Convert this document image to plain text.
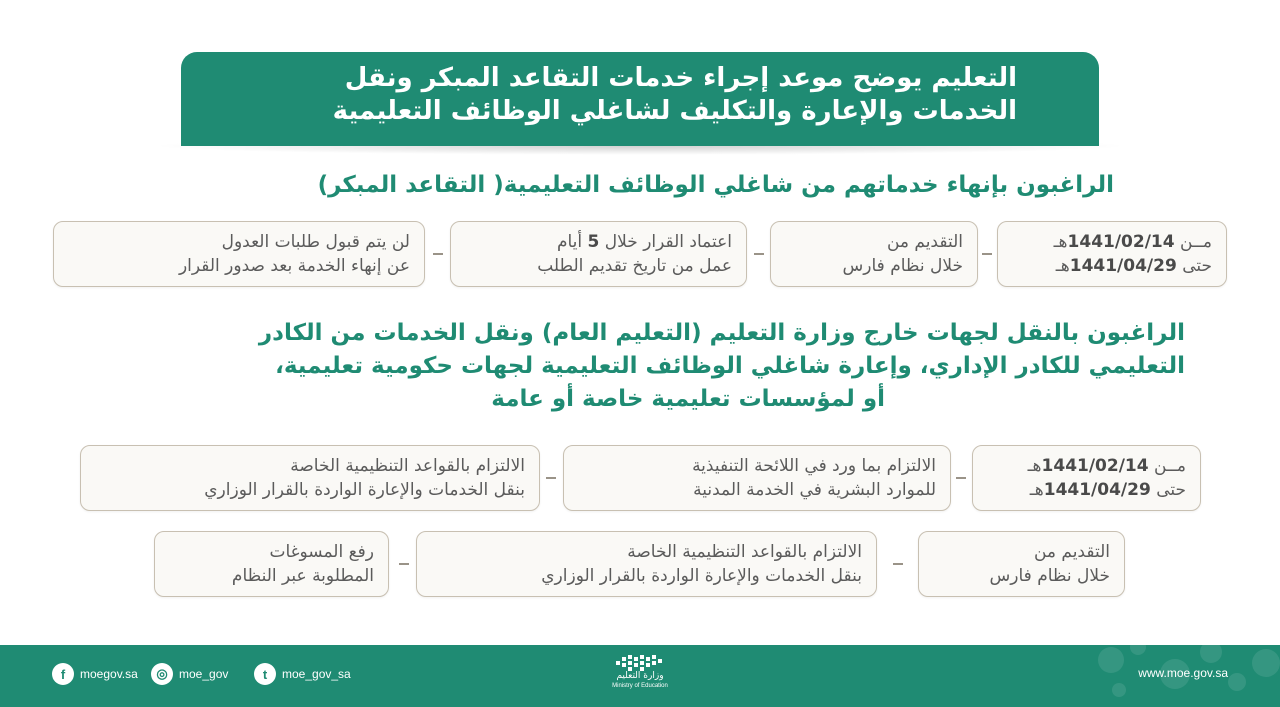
التعليم يوضح موعد إجراء خدمات التقاعد المبكر ونقل
الخدمات والإعارة والتكليف لشاغلي الوظائف التعليمية
الراغبون بإنهاء خدماتهم من شاغلي الوظائف التعليمية( التقاعد المبكر)
مــن 1441/02/14هـ
حتى 1441/04/29هـ
التقديم من
خلال نظام فارس
اعتماد القرار خلال 5 أيام
عمل من تاريخ تقديم الطلب
لن يتم قبول طلبات العدول
عن إنهاء الخدمة بعد صدور القرار
الراغبون بالنقل لجهات خارج وزارة التعليم (التعليم العام) ونقل الخدمات من الكادر
التعليمي للكادر الإداري، وإعارة شاغلي الوظائف التعليمية لجهات حكومية تعليمية،
أو لمؤسسات تعليمية خاصة أو عامة
مــن 1441/02/14هـ
حتى 1441/04/29هـ
الالتزام بما ورد في اللائحة التنفيذية
للموارد البشرية في الخدمة المدنية
الالتزام بالقواعد التنظيمية الخاصة
بنقل الخدمات والإعارة الواردة بالقرار الوزاري
التقديم من
خلال نظام فارس
الالتزام بالقواعد التنظيمية الخاصة
بنقل الخدمات والإعارة الواردة بالقرار الوزاري
رفع المسوغات
المطلوبة عبر النظام
f	moegov.sa	◎ moe_gov	t	moe_gov_sa	وزارة التعليم
Ministry of Education
www.moe.gov.sa
